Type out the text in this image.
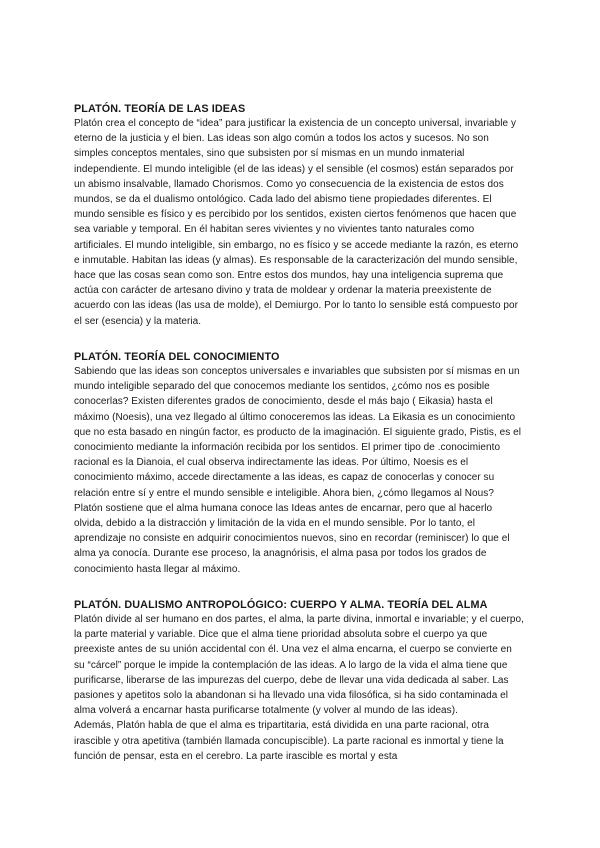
PLATÓN. TEORÍA DE LAS IDEAS

Platón crea el concepto de “idea” para justificar la existencia de un concepto universal, invariable y eterno de la justicia y el bien. Las ideas son algo común a todos los actos y sucesos. No son simples conceptos mentales, sino que subsisten por sí mismas en un mundo inmaterial independiente. El mundo inteligible (el de las ideas) y el sensible (el cosmos) están separados por un abismo insalvable, llamado Chorismos. Como yo consecuencia de la existencia de estos dos mundos, se da el dualismo ontológico. Cada lado del abismo tiene propiedades diferentes. El mundo sensible es físico y es percibido por los sentidos, existen ciertos fenómenos que hacen que sea variable y temporal. En él habitan seres vivientes y no vivientes tanto naturales como artificiales. El mundo inteligible, sin embargo, no es físico y se accede mediante la razón, es eterno e inmutable. Habitan las ideas (y almas). Es responsable de la caracterización del mundo sensible, hace que las cosas sean como son. Entre estos dos mundos, hay una inteligencia suprema que actúa con carácter de artesano divino y trata de moldear y ordenar la materia preexistente de acuerdo con las ideas (las usa de molde), el Demiurgo. Por lo tanto lo sensible está compuesto por el ser (esencia) y la materia.

PLATÓN. TEORÍA DEL CONOCIMIENTO

Sabiendo que las ideas son conceptos universales e invariables que subsisten por sí mismas en un mundo inteligible separado del que conocemos mediante los sentidos, ¿cómo nos es posible conocerlas? Existen diferentes grados de conocimiento, desde el más bajo ( Eikasia) hasta el máximo (Noesis), una vez llegado al último conoceremos las ideas. La Eikasia es un conocimiento que no esta basado en ningún factor, es producto de la imaginación. El siguiente grado, Pistis, es el conocimiento mediante la información recibida por los sentidos. El primer tipo de .conocimiento racional es la Dianoia, el cual observa indirectamente las ideas. Por último, Noesis es el conocimiento máximo, accede directamente a las ideas, es capaz de conocerlas y conocer su relación entre sí y entre el mundo sensible e inteligible. Ahora bien, ¿cómo llegamos al Nous? Platón sostiene que el alma humana conoce las Ideas antes de encarnar, pero que al hacerlo olvida, debido a la distracción y limitación de la vida en el mundo sensible. Por lo tanto, el aprendizaje no consiste en adquirir conocimientos nuevos, sino en recordar (reminiscer) lo que el alma ya conocía. Durante ese proceso, la anagnórisis, el alma pasa por todos los grados de conocimiento hasta llegar al máximo.

PLATÓN. DUALISMO ANTROPOLÓGICO: CUERPO Y ALMA. TEORÍA DEL ALMA

Platón divide al ser humano en dos partes, el alma, la parte divina, inmortal e invariable; y el cuerpo, la parte material y variable. Dice que el alma tiene prioridad absoluta sobre el cuerpo ya que preexiste antes de su unión accidental con él. Una vez el alma encarna, el cuerpo se convierte en su “cárcel” porque le impide la contemplación de las ideas. A lo largo de la vida el alma tiene que purificarse, liberarse de las impurezas del cuerpo, debe de llevar una vida dedicada al saber. Las pasiones y apetitos solo la abandonan si ha llevado una vida filosófica, si ha sido contaminada el alma volverá a encarnar hasta purificarse totalmente (y volver al mundo de las ideas).

Además, Platón habla de que el alma es tripartitaria, está dividida en una parte racional, otra irascible y otra apetitiva (también llamada concupiscible). La parte racional es inmortal y tiene la función de pensar, esta en el cerebro. La parte irascible es mortal y esta
